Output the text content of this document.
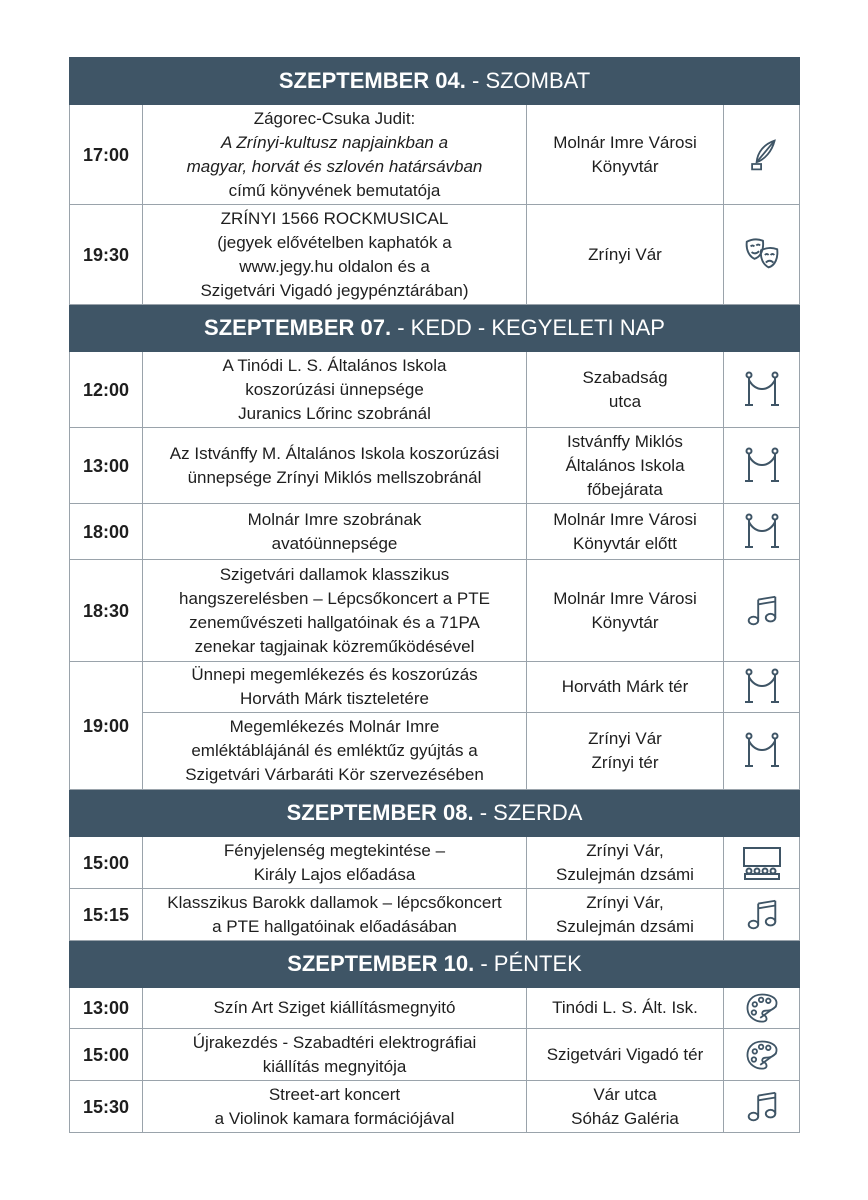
SZEPTEMBER 04. - SZOMBAT			
17:00	Zágorec-Csuka Judit:
A Zrínyi-kultusz napjainkban a
magyar, horvát és szlovén határsávban
című könyvének bemutatója	Molnár Imre Városi
Könyvtár

19:30	ZRÍNYI 1566 ROCKMUSICAL
(jegyek elővételben kaphatók a
www.jegy.hu oldalon és a
Szigetvári Vigadó jegypénztárában)	Zrínyi Vár

SZEPTEMBER 07. - KEDD - KEGYELETI NAP			
12:00	A Tinódi L. S. Általános Iskola
koszorúzási ünnepsége
Juranics Lőrinc szobránál	Szabadság
utca

13:00	Az Istvánffy M. Általános Iskola koszorúzási
ünnepsége Zrínyi Miklós mellszobránál	Istvánffy Miklós
Általános Iskola
főbejárata

18:00	Molnár Imre szobrának
avatóünnepsége	Molnár Imre Városi
Könyvtár előtt

18:30	Szigetvári dallamok klasszikus
hangszerelésben – Lépcsőkoncert a PTE
zeneművészeti hallgatóinak és a 71PA
zenekar tagjainak közreműködésével	Molnár Imre Városi
Könyvtár

19:00	Ünnepi megemlékezés és koszorúzás
Horváth Márk tiszteletére	Horváth Márk tér

	Megemlékezés Molnár Imre
emléktáblájánál és emléktűz gyújtás a
Szigetvári Várbaráti Kör szervezésében	Zrínyi Vár
Zrínyi tér

SZEPTEMBER 08. - SZERDA			
15:00	Fényjelenség megtekintése –
Király Lajos előadása	Zrínyi Vár,
Szulejmán dzsámi

15:15	Klasszikus Barokk dallamok – lépcsőkoncert
a PTE hallgatóinak előadásában	Zrínyi Vár,
Szulejmán dzsámi

SZEPTEMBER 10. - PÉNTEK			
13:00	Szín Art Sziget kiállításmegnyitó	Tinódi L. S. Ált. Isk.

15:00	Újrakezdés - Szabadtéri elektrográfiai
kiállítás megnyitója	Szigetvári Vigadó tér

15:30	Street-art koncert
a Violinok kamara formációjával	Vár utca
Sóház Galéria
